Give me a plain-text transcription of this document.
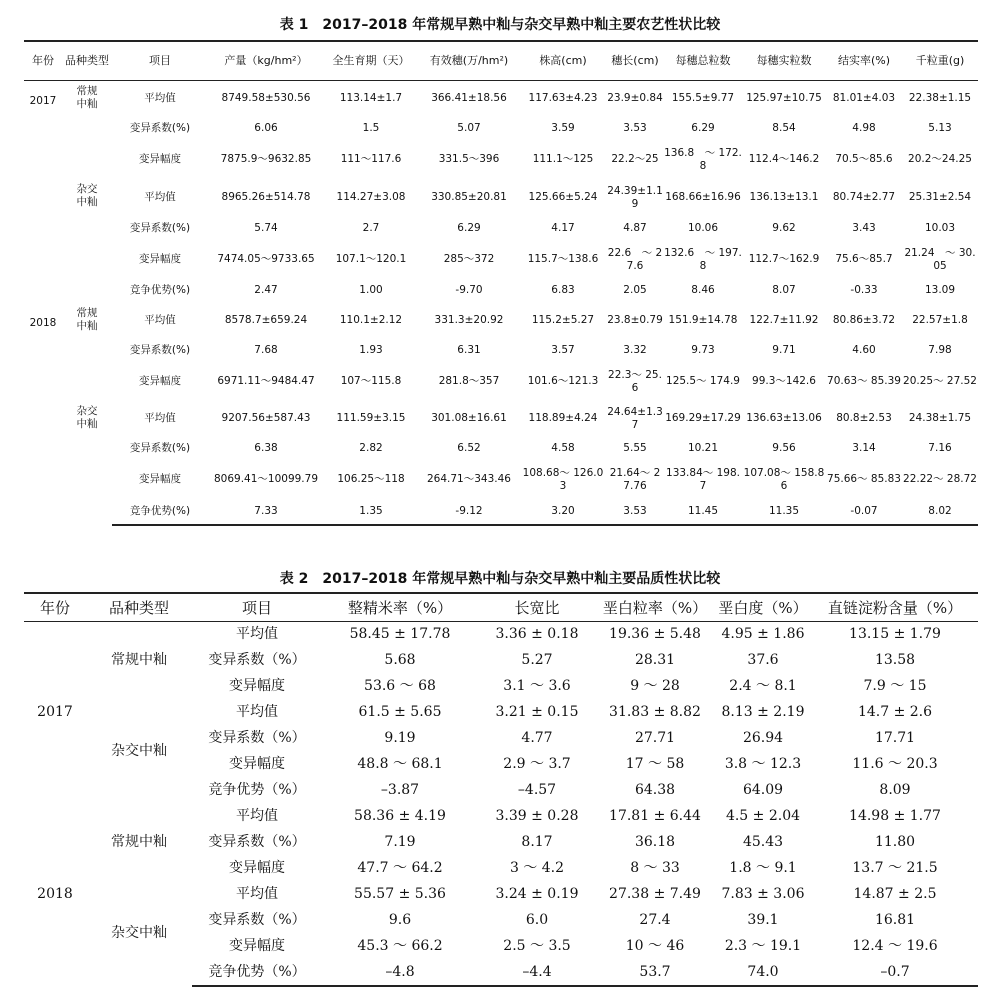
表 1　2017–2018 年常规早熟中籼与杂交早熟中籼主要农艺性状比较
年份	品种类型	项目	产量（kg/hm²）	全生育期（天）	有效穗(万/hm²)	株高(cm)	穗长(cm)	每穗总粒数	每穗实粒数	结实率(%)	千粒重(g)
2017	常规中籼	平均值	8749.58±530.56	113.14±1.7	366.41±18.56	117.63±4.23	23.9±0.84	155.5±9.77	125.97±10.75	81.01±4.03	22.38±1.15
		变异系数(%)	6.06	1.5	5.07	3.59	3.53	6.29	8.54	4.98	5.13
		变异幅度	7875.9～9632.85	111～117.6	331.5～396	111.1～125	22.2～25	136.8　～ 172.8	112.4～146.2	70.5～85.6	20.2～24.25
	杂交中籼	平均值	8965.26±514.78	114.27±3.08	330.85±20.81	125.66±5.24	24.39±1.19	168.66±16.96	136.13±13.1	80.74±2.77	25.31±2.54
		变异系数(%)	5.74	2.7	6.29	4.17	4.87	10.06	9.62	3.43	10.03
		变异幅度	7474.05～9733.65	107.1～120.1	285～372	115.7～138.6	22.6　～ 27.6	132.6　～ 197.8	112.7～162.9	75.6～85.7	21.24　～ 30.05
		竞争优势(%)	2.47	1.00	-9.70	6.83	2.05	8.46	8.07	-0.33	13.09
2018	常规中籼	平均值	8578.7±659.24	110.1±2.12	331.3±20.92	115.2±5.27	23.8±0.79	151.9±14.78	122.7±11.92	80.86±3.72	22.57±1.8
		变异系数(%)	7.68	1.93	6.31	3.57	3.32	9.73	9.71	4.60	7.98
		变异幅度	6971.11～9484.47	107～115.8	281.8～357	101.6～121.3	22.3～ 25.6	125.5～ 174.9	99.3～142.6	70.63～ 85.39	20.25～ 27.52
	杂交中籼	平均值	9207.56±587.43	111.59±3.15	301.08±16.61	118.89±4.24	24.64±1.37	169.29±17.29	136.63±13.06	80.8±2.53	24.38±1.75
		变异系数(%)	6.38	2.82	6.52	4.58	5.55	10.21	9.56	3.14	7.16
		变异幅度	8069.41～10099.79	106.25～118	264.71～343.46	108.68～ 126.03	21.64～ 27.76	133.84～ 198.7	107.08～ 158.86	75.66～ 85.83	22.22～ 28.72
		竞争优势(%)	7.33	1.35	-9.12	3.20	3.53	11.45	11.35	-0.07	8.02
表 2　2017–2018 年常规早熟中籼与杂交早熟中籼主要品质性状比较
年份	品种类型	项目	整精米率（%）	长宽比	垩白粒率（%）	垩白度（%）	直链淀粉含量（%）
2017	常规中籼	平均值	58.45 ± 17.78	3.36 ± 0.18	19.36 ± 5.48	4.95 ± 1.86	13.15 ± 1.79
		变异系数（%）	5.68	5.27	28.31	37.6	13.58
		变异幅度	53.6 ～ 68	3.1 ～ 3.6	9 ～ 28	2.4 ～ 8.1	7.9 ～ 15
	杂交中籼	平均值	61.5 ± 5.65	3.21 ± 0.15	31.83 ± 8.82	8.13 ± 2.19	14.7 ± 2.6
		变异系数（%）	9.19	4.77	27.71	26.94	17.71
		变异幅度	48.8 ～ 68.1	2.9 ～ 3.7	17 ～ 58	3.8 ～ 12.3	11.6 ～ 20.3
		竞争优势（%）	–3.87	–4.57	64.38	64.09	8.09
2018	常规中籼	平均值	58.36 ± 4.19	3.39 ± 0.28	17.81 ± 6.44	4.5 ± 2.04	14.98 ± 1.77
		变异系数（%）	7.19	8.17	36.18	45.43	11.80
		变异幅度	47.7 ～ 64.2	3 ～ 4.2	8 ～ 33	1.8 ～ 9.1	13.7 ～ 21.5
	杂交中籼	平均值	55.57 ± 5.36	3.24 ± 0.19	27.38 ± 7.49	7.83 ± 3.06	14.87 ± 2.5
		变异系数（%）	9.6	6.0	27.4	39.1	16.81
		变异幅度	45.3 ～ 66.2	2.5 ～ 3.5	10 ～ 46	2.3 ～ 19.1	12.4 ～ 19.6
		竞争优势（%）	–4.8	–4.4	53.7	74.0	–0.7
